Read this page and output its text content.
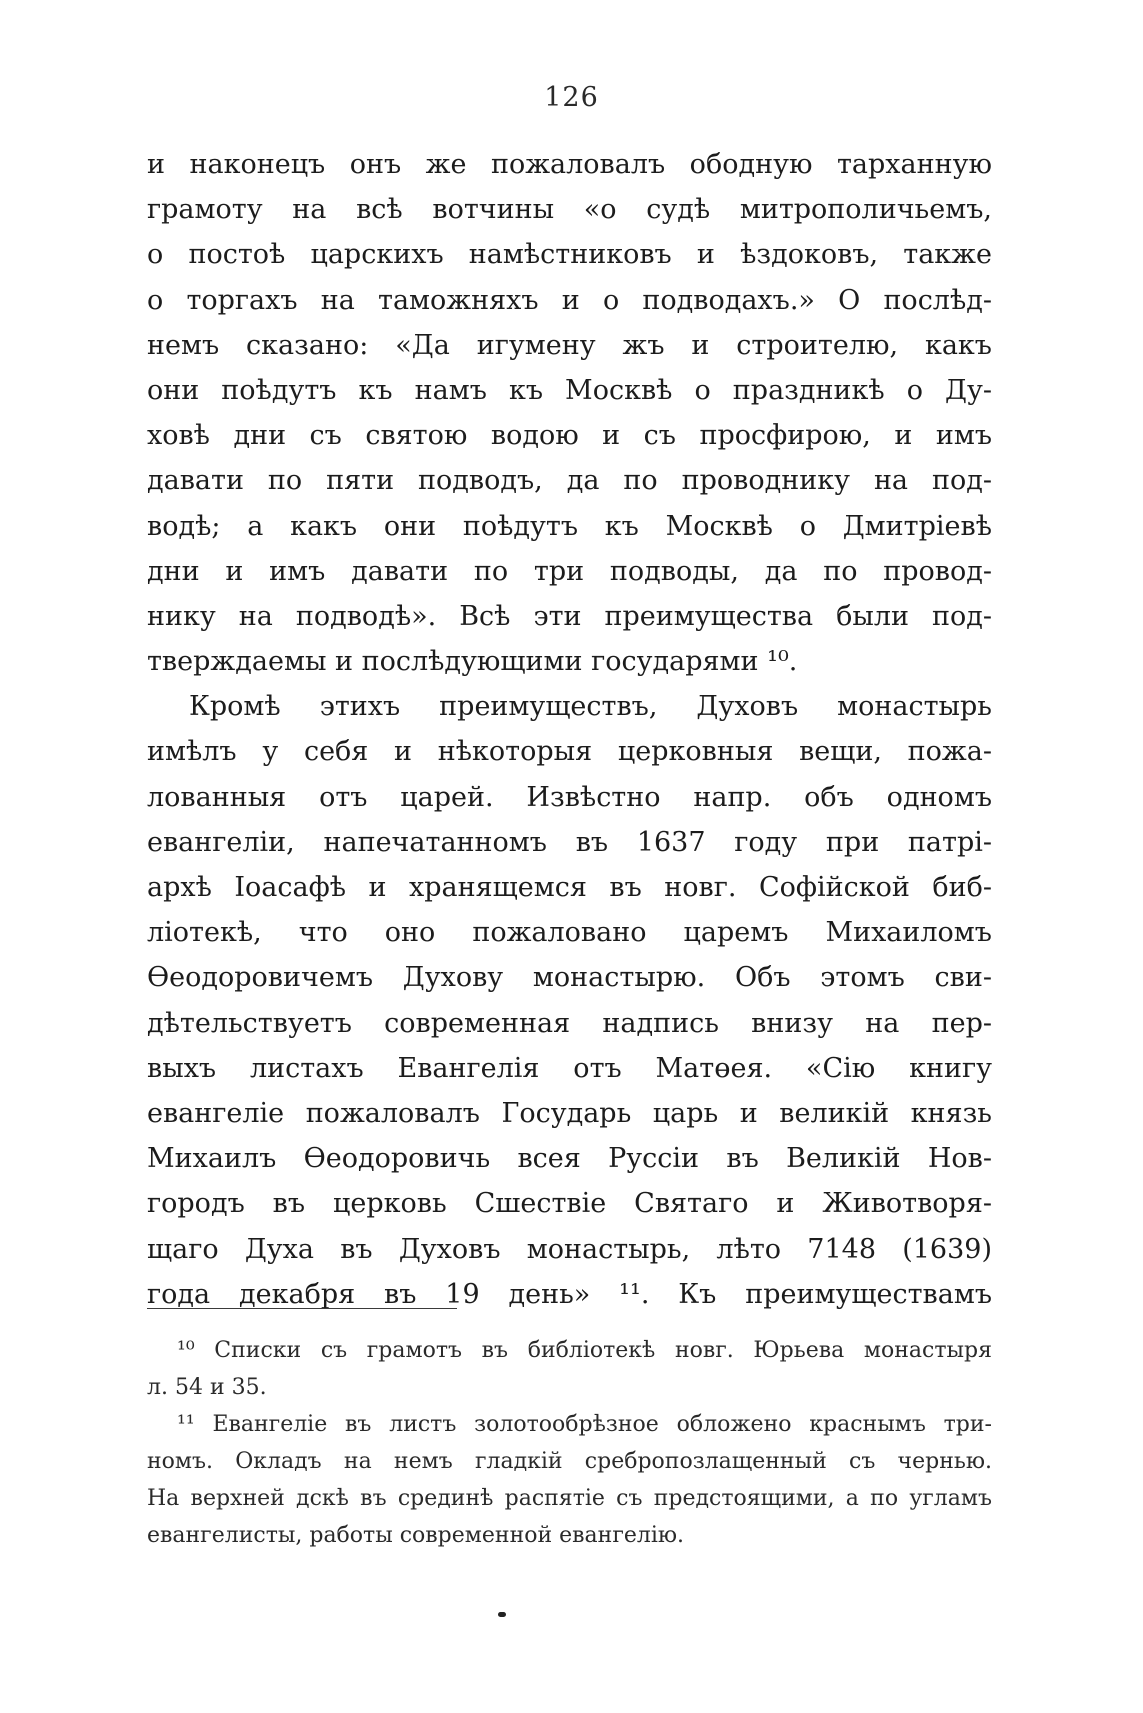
126
и наконецъ онъ же пожаловалъ ободную тарханную
грамоту на всѣ вотчины «о судѣ митрополичьемъ,
о постоѣ царскихъ намѣстниковъ и ѣздоковъ, также
о торгахъ на таможняхъ и о подводахъ.» О послѣд-
немъ сказано: «Да игумену жъ и строителю, какъ
они поѣдутъ къ намъ къ Москвѣ о праздникѣ о Ду-
ховѣ дни съ святою водою и съ просфирою, и имъ
давати по пяти подводъ, да по проводнику на под-
водѣ; а какъ они поѣдутъ къ Москвѣ о Дмитріевѣ
дни и имъ давати по три подводы, да по провод-
нику на подводѣ». Всѣ эти преимущества были под-
тверждаемы и послѣдующими государями ¹⁰.
Кромѣ этихъ преимуществъ, Духовъ монастырь
имѣлъ у себя и нѣкоторыя церковныя вещи, пожа-
лованныя отъ царей. Извѣстно напр. объ одномъ
евангеліи, напечатанномъ въ 1637 году при патрі-
архѣ Іоасафѣ и хранящемся въ новг. Софійской биб-
ліотекѣ, что оно пожаловано царемъ Михаиломъ
Өеодоровичемъ Духову монастырю. Объ этомъ сви-
дѣтельствуетъ современная надпись внизу на пер-
выхъ листахъ Евангелія отъ Матөея. «Сію книгу
евангеліе пожаловалъ Государь царь и великій князь
Михаилъ Өеодоровичь всея Руссіи въ Великій Нов-
городъ въ церковь Сшествіе Святаго и Животворя-
щаго Духа въ Духовъ монастырь, лѣто 7148 (1639)
года декабря въ 19 день» ¹¹. Къ преимуществамъ
¹⁰ Списки съ грамотъ въ библіотекѣ новг. Юрьева монастыря
л. 54 и 35.
¹¹ Евангеліе въ листъ золотообрѣзное обложено краснымъ три-
номъ. Окладъ на немъ гладкій сребропозлащенный съ чернью.
На верхней дскѣ въ срединѣ распятіе съ предстоящими, а по угламъ
евангелисты, работы современной евангелію.
